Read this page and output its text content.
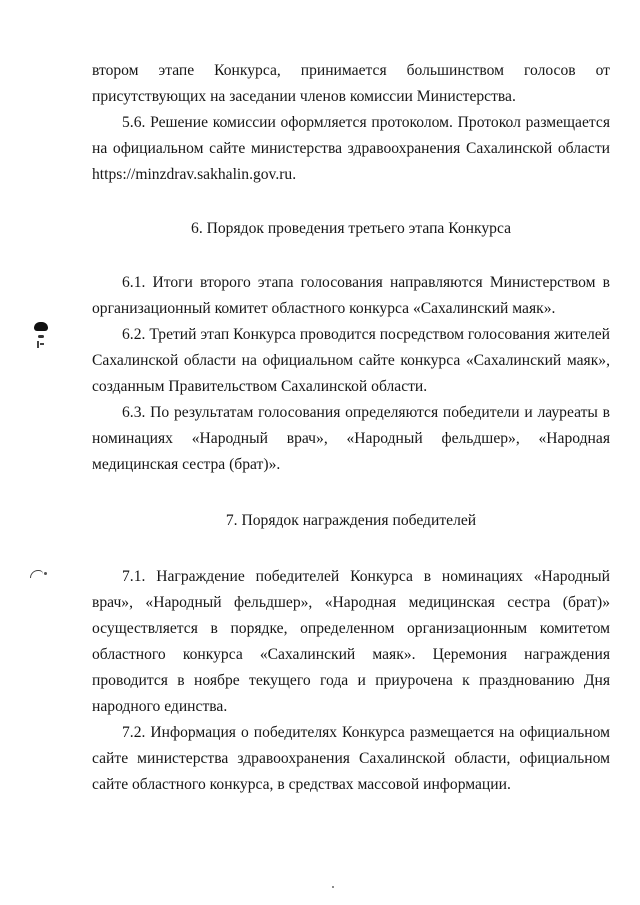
втором этапе Конкурса, принимается большинством голосов от

присутствующих на заседании членов комиссии Министерства.

5.6. Решение комиссии оформляется протоколом. Протокол размещается на официальном сайте министерства здравоохранения Сахалинской области https://minzdrav.sakhalin.gov.ru.

6. Порядок проведения третьего этапа Конкурса

6.1. Итоги второго этапа голосования направляются Министерством в организационный комитет областного конкурса «Сахалинский маяк».

6.2. Третий этап Конкурса проводится посредством голосования жителей Сахалинской области на официальном сайте конкурса «Сахалинский маяк», созданным Правительством Сахалинской области.

6.3. По результатам голосования определяются победители и лауреаты в номинациях «Народный врач», «Народный фельдшер», «Народная медицинская сестра (брат)».

7. Порядок награждения победителей

7.1. Награждение победителей Конкурса в номинациях «Народный врач», «Народный фельдшер», «Народная медицинская сестра (брат)» осуществляется в порядке, определенном организационным комитетом областного конкурса «Сахалинский маяк». Церемония награждения проводится в ноябре текущего года и приурочена к празднованию Дня народного единства.

7.2. Информация о победителях Конкурса размещается на официальном сайте министерства здравоохранения Сахалинской области, официальном сайте областного конкурса, в средствах массовой информации.
